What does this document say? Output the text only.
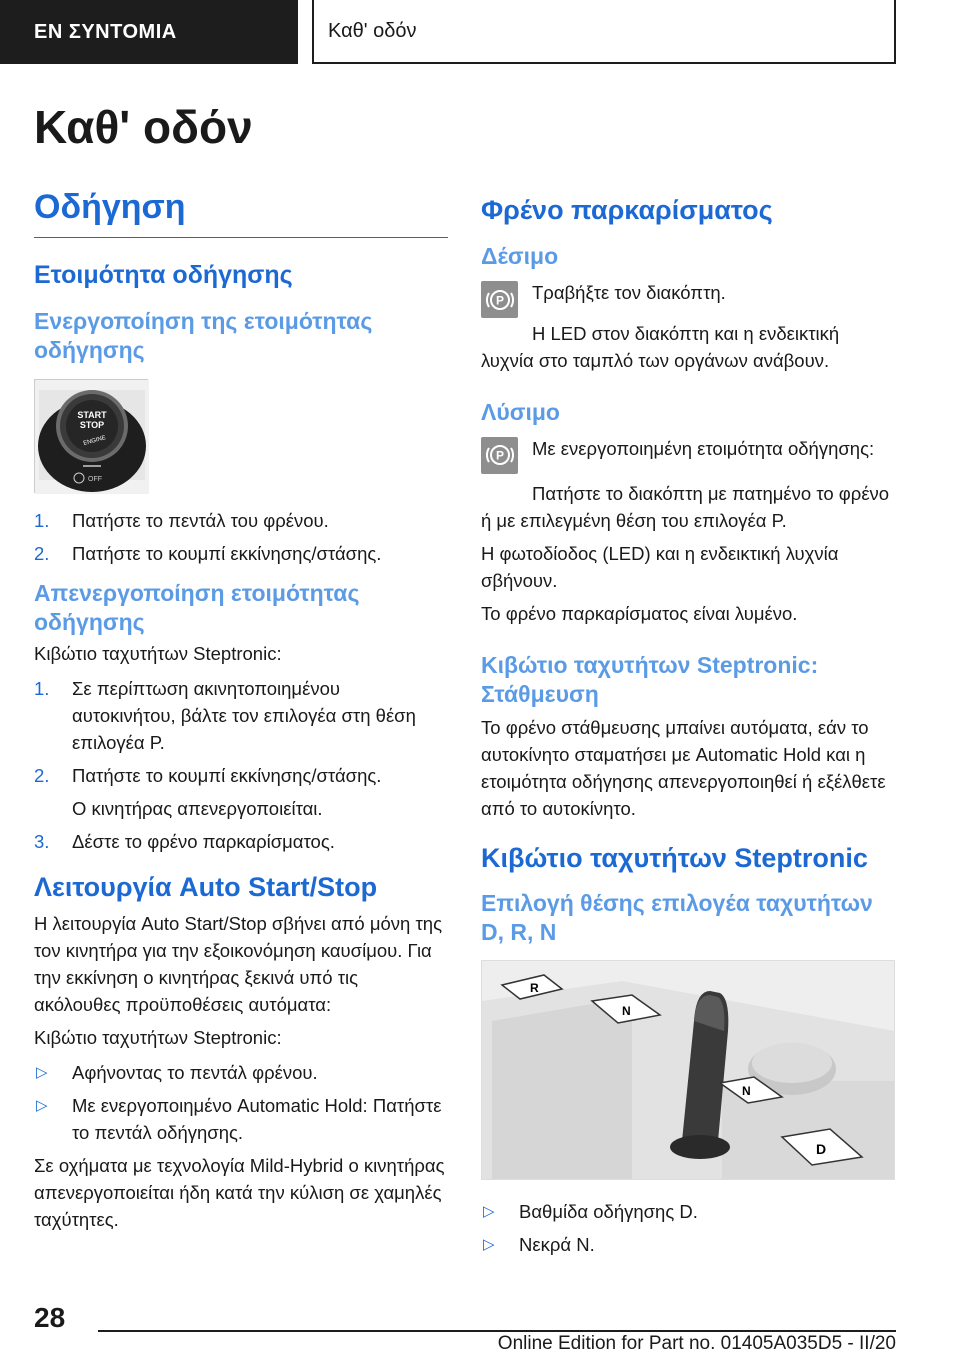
ΕΝ ΣΥΝΤΟΜΙΑ	Καθ' οδόν
Καθ' οδόν
Οδήγηση
Ετοιμότητα οδήγησης
Ενεργοποίηση της ετοιμότητας οδήγησης
START
STOP
ENGINE
OFF
1. Πατήστε το πεντάλ του φρένου.
2. Πατήστε το κουμπί εκκίνησης/στάσης.
Απενεργοποίηση ετοιμότητας οδήγησης
Κιβώτιο ταχυτήτων Steptronic:
1. Σε περίπτωση ακινητοποιημένου αυτοκινήτου, βάλτε τον επιλογέα στη θέση επιλογέα P.
2. Πατήστε το κουμπί εκκίνησης/στάσης.
Ο κινητήρας απενεργοποιείται.
3. Δέστε το φρένο παρκαρίσματος.
Λειτουργία Auto Start/Stop
Η λειτουργία Auto Start/Stop σβήνει από μόνη της τον κινητήρα για την εξοικονόμηση καυσίμου. Για την εκκίνηση ο κινητήρας ξεκινά υπό τις ακόλουθες προϋποθέσεις αυτόματα:
Κιβώτιο ταχυτήτων Steptronic:
▷ Αφήνοντας το πεντάλ φρένου.
▷ Με ενεργοποιημένο Automatic Hold: Πατήστε το πεντάλ οδήγησης.
Σε οχήματα με τεχνολογία Mild-Hybrid ο κινητήρας απενεργοποιείται ήδη κατά την κύλιση σε χαμηλές ταχύτητες.
Φρένο παρκαρίσματος
Δέσιμο
P Τραβήξτε τον διακόπτη.
Η LED στον διακόπτη και η ενδεικτική λυχνία στο ταμπλό των οργάνων ανάβουν.
Λύσιμο
P Με ενεργοποιημένη ετοιμότητα οδήγησης:
Πατήστε το διακόπτη με πατημένο το φρένο ή με επιλεγμένη θέση του επιλογέα P.
Η φωτοδίοδος (LED) και η ενδεικτική λυχνία σβήνουν.
Το φρένο παρκαρίσματος είναι λυμένο.
Κιβώτιο ταχυτήτων Steptronic: Στάθμευση
Το φρένο στάθμευσης μπαίνει αυτόματα, εάν το αυτοκίνητο σταματήσει με Automatic Hold και η ετοιμότητα οδήγησης απενεργοποιηθεί ή εξέλθετε από το αυτοκίνητο.
Κιβώτιο ταχυτήτων Steptronic
Επιλογή θέσης επιλογέα ταχυτήτων D, R, N
R
N
N
D
▷ Βαθμίδα οδήγησης D.
▷ Νεκρά N.
28
Online Edition for Part no. 01405A035D5 - II/20
